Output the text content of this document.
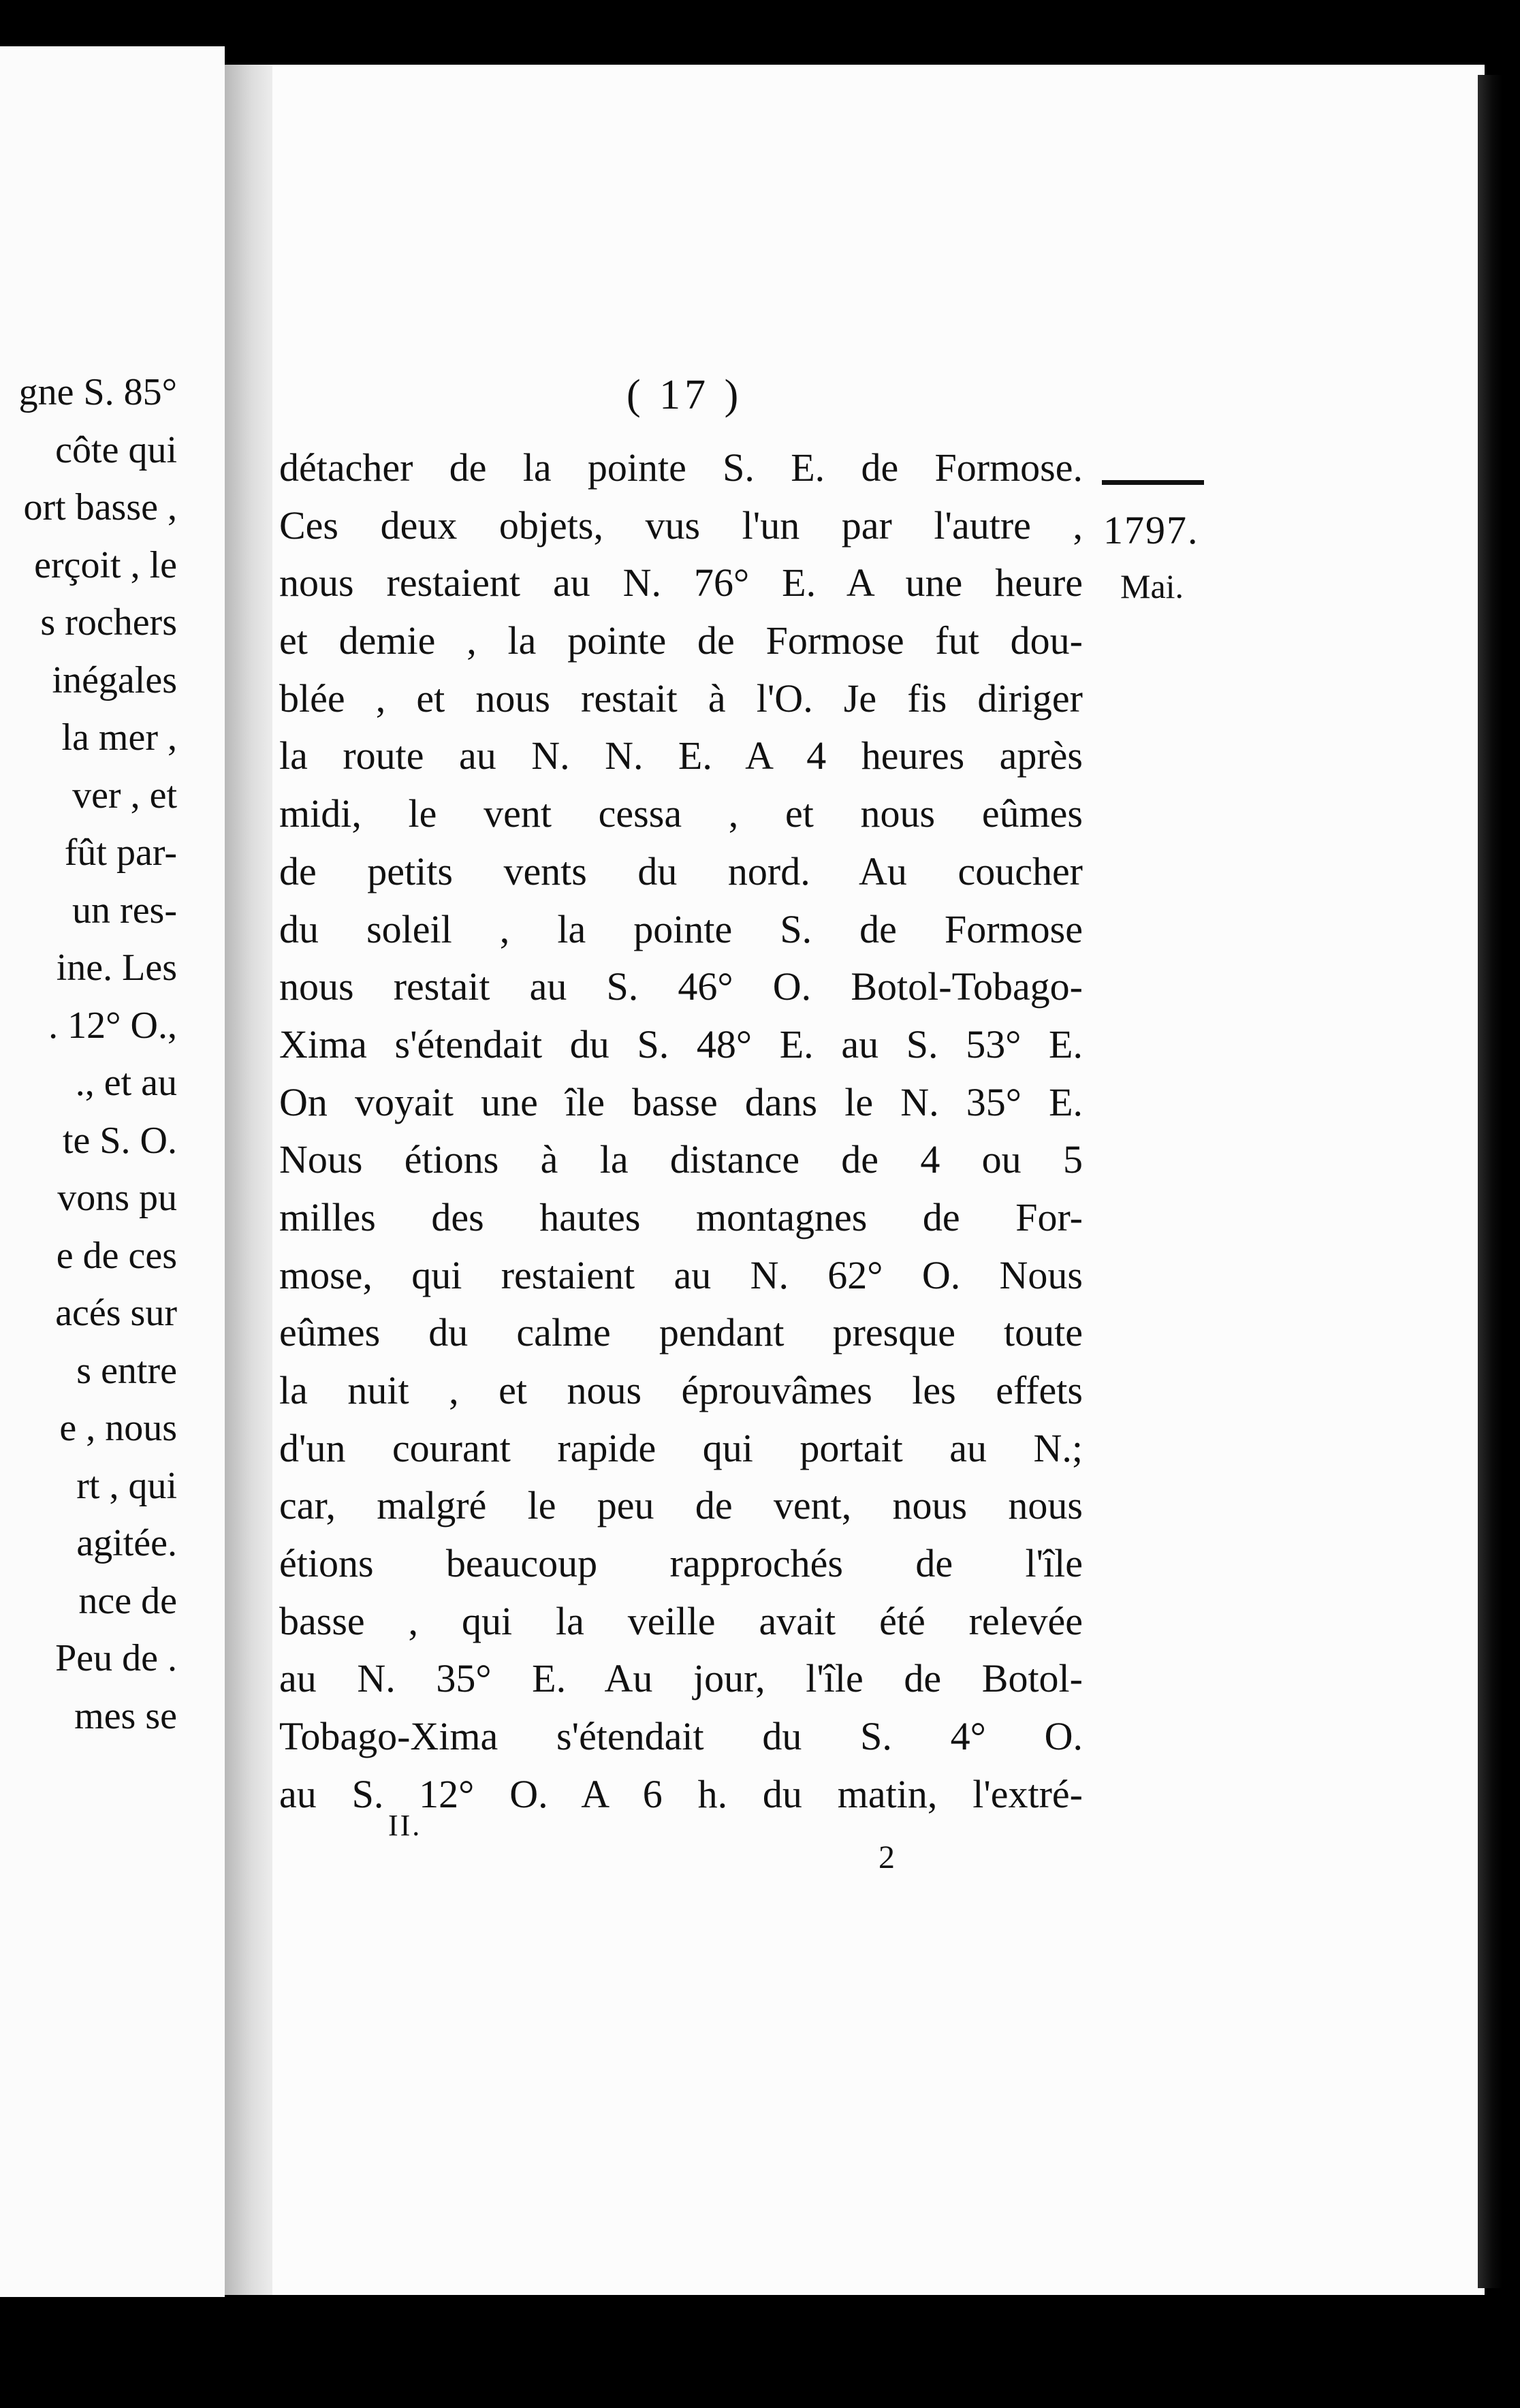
gne S. 85°
côte qui
ort basse ,
erçoit , le
s rochers
inégales
la mer ,
ver , et
fût par-
un res-
ine. Les
. 12° O.,
., et au
te S. O.
vons pu
e de ces
acés sur
s entre
e , nous
rt , qui
agitée.
nce de
Peu de .
mes se
( 17 )
1797.
Mai.
détacher de la pointe S. E. de Formose.
Ces deux objets, vus l'un par l'autre ,
nous restaient au N. 76° E. A une heure
et demie , la pointe de Formose fut dou-
blée , et nous restait à l'O. Je fis diriger
la route au N. N. E. A 4 heures après
midi, le vent cessa , et nous eûmes
de petits vents du nord. Au coucher
du soleil , la pointe S. de Formose
nous restait au S. 46° O. Botol-Tobago-
Xima s'étendait du S. 48° E. au S. 53° E.
On voyait une île basse dans le N. 35° E.
Nous étions à la distance de 4 ou 5
milles des hautes montagnes de For-
mose, qui restaient au N. 62° O. Nous
eûmes du calme pendant presque toute
la nuit , et nous éprouvâmes les effets
d'un courant rapide qui portait au N.;
car, malgré le peu de vent, nous nous
étions beaucoup rapprochés de l'île
basse , qui la veille avait été relevée
au N. 35° E. Au jour, l'île de Botol-
Tobago-Xima s'étendait du S. 4° O.
au S. 12° O. A 6 h. du matin, l'extré-
II.
2
